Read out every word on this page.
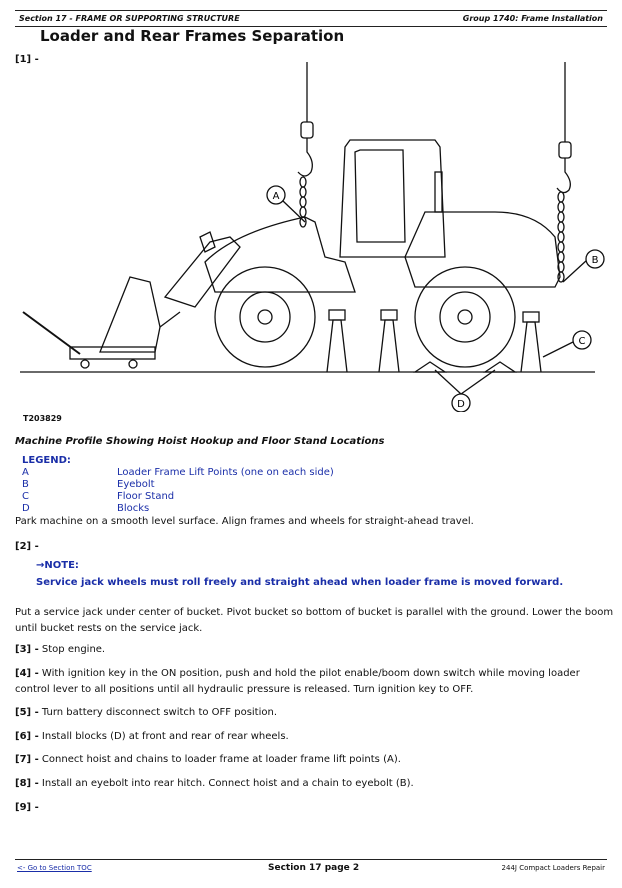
Section 17 - FRAME OR SUPPORTING STRUCTURE	Group 1740: Frame Installation
Loader and Rear Frames Separation
[1] -
A
B
C
D
T203829
Machine Profile Showing Hoist Hookup and Floor Stand Locations
LEGEND:
A	Loader Frame Lift Points (one on each side)
B	Eyebolt
C	Floor Stand
D	Blocks
Park machine on a smooth level surface. Align frames and wheels for straight-ahead travel.
[2] -
→NOTE:
Service jack wheels must roll freely and straight ahead when loader frame is moved forward.
Put a service jack under center of bucket. Pivot bucket so bottom of bucket is parallel with the ground. Lower the boom until bucket rests on the service jack.
[3] - Stop engine.
[4] - With ignition key in the ON position, push and hold the pilot enable/boom down switch while moving loader control lever to all positions until all hydraulic pressure is released. Turn ignition key to OFF.
[5] - Turn battery disconnect switch to OFF position.
[6] - Install blocks (D) at front and rear of rear wheels.
[7] - Connect hoist and chains to loader frame at loader frame lift points (A).
[8] - Install an eyebolt into rear hitch. Connect hoist and a chain to eyebolt (B).
[9] -
<- Go to Section TOC	Section 17 page 2	244J Compact Loaders Repair
